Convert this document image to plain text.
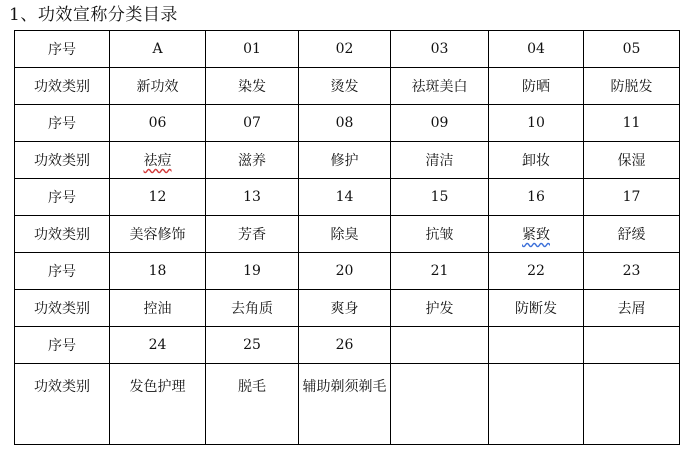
1、功效宣称分类目录
序号	A	01	02	03	04	05
功效类别	新功效	染发	烫发	祛斑美白	防晒	防脱发
序号	06	07	08	09	10	11
功效类别	祛痘	滋养	修护	清洁	卸妆	保湿
序号	12	13	14	15	16	17
功效类别	美容修饰	芳香	除臭	抗皱	紧致	舒缓
序号	18	19	20	21	22	23
功效类别	控油	去角质	爽身	护发	防断发	去屑
序号	24	25	26			
功效类别	发色护理	脱毛	辅助剃须剃毛			
